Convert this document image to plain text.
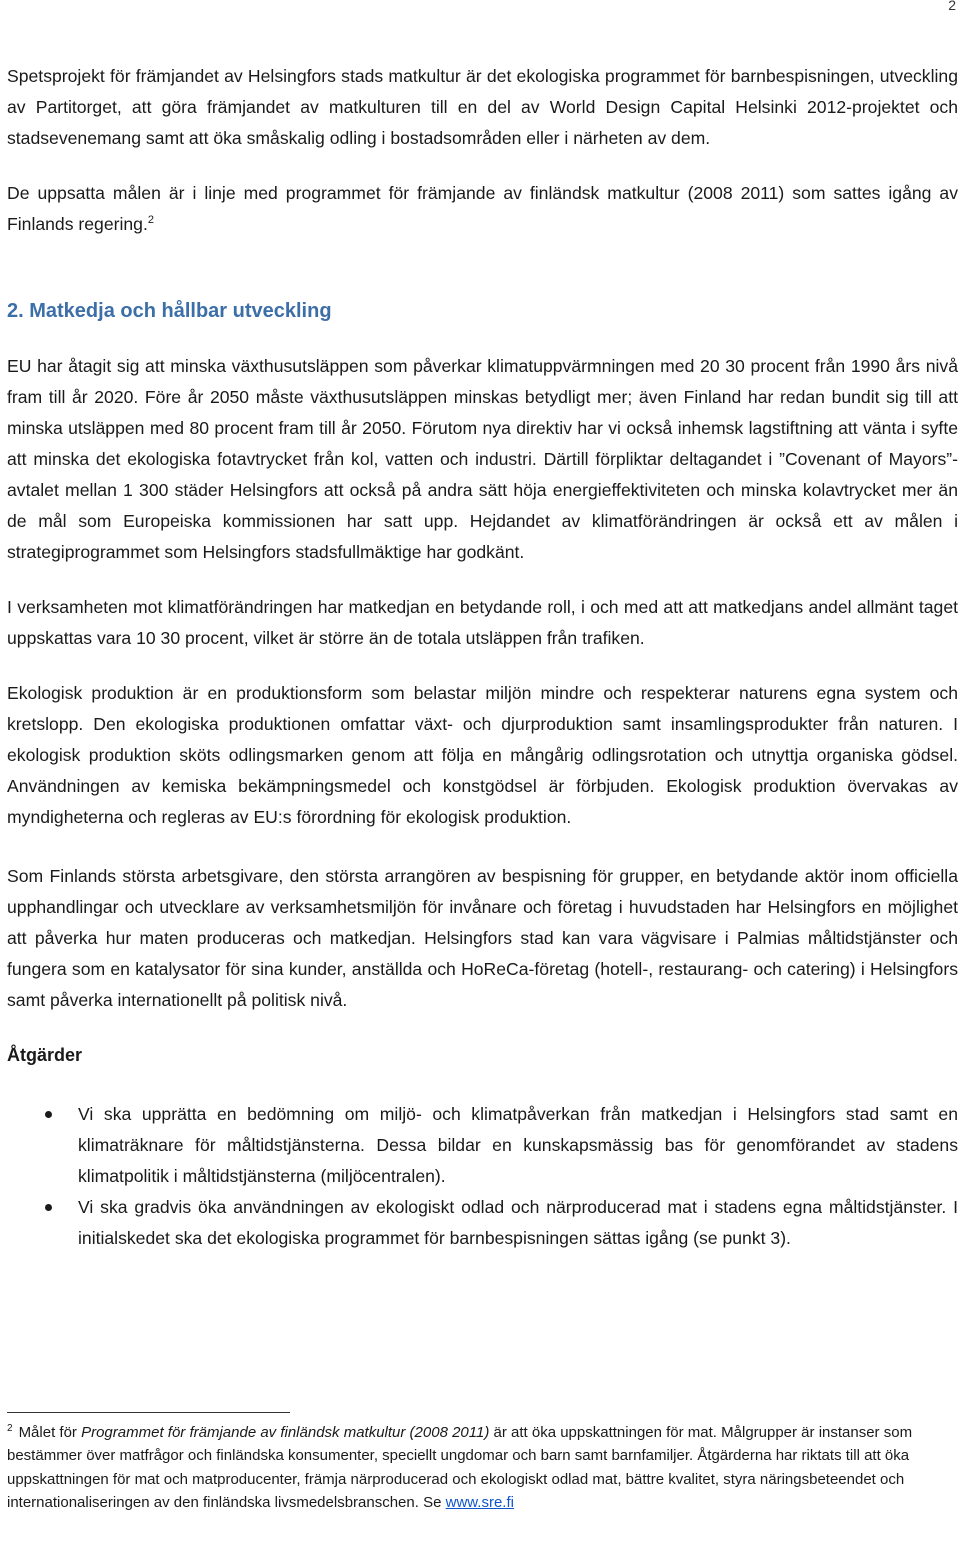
2

Spetsprojekt för främjandet av Helsingfors stads matkultur är det ekologiska programmet för barnbespisningen, utveckling av Partitorget, att göra främjandet av matkulturen till en del av World Design Capital Helsinki 2012-projektet och stadsevenemang samt att öka småskalig odling i bostadsområden eller i närheten av dem.

De uppsatta målen är i linje med programmet för främjande av finländsk matkultur (2008 2011) som sattes igång av Finlands regering.$^2$

2. Matkedja och hållbar utveckling

EU har åtagit sig att minska växthusutsläppen som påverkar klimatuppvärmningen med 20 30 procent från 1990 års nivå fram till år 2020. Före år 2050 måste växthusutsläppen minskas betydligt mer; även Finland har redan bundit sig till att minska utsläppen med 80 procent fram till år 2050. Förutom nya direktiv har vi också inhemsk lagstiftning att vänta i syfte att minska det ekologiska fotavtrycket från kol, vatten och industri. Därtill förpliktar deltagandet i ”Covenant of Mayors”-avtalet mellan 1 300 städer Helsingfors att också på andra sätt höja energieffektiviteten och minska kolavtrycket mer än de mål som Europeiska kommissionen har satt upp. Hejdandet av klimatförändringen är också ett av målen i strategiprogrammet som Helsingfors stadsfullmäktige har godkänt.

I verksamheten mot klimatförändringen har matkedjan en betydande roll, i och med att att matkedjans andel allmänt taget uppskattas vara 10 30 procent, vilket är större än de totala utsläppen från trafiken.

Ekologisk produktion är en produktionsform som belastar miljön mindre och respekterar naturens egna system och kretslopp. Den ekologiska produktionen omfattar växt- och djurproduktion samt insamlingsprodukter från naturen. I ekologisk produktion sköts odlingsmarken genom att följa en mångårig odlingsrotation och utnyttja organiska gödsel. Användningen av kemiska bekämpningsmedel och konstgödsel är förbjuden. Ekologisk produktion övervakas av myndigheterna och regleras av EU:s förordning för ekologisk produktion.

Som Finlands största arbetsgivare, den största arrangören av bespisning för grupper, en betydande aktör inom officiella upphandlingar och utvecklare av verksamhetsmiljön för invånare och företag i huvudstaden har Helsingfors en möjlighet att påverka hur maten produceras och matkedjan. Helsingfors stad kan vara vägvisare i Palmias måltidstjänster och fungera som en katalysator för sina kunder, anställda och HoReCa-företag (hotell-, restaurang- och catering) i Helsingfors samt påverka internationellt på politisk nivå.

Åtgärder
Vi ska upprätta en bedömning om miljö- och klimatpåverkan från matkedjan i Helsingfors stad samt en klimaträknare för måltidstjänsterna. Dessa bildar en kunskapsmässig bas för genomförandet av stadens klimatpolitik i måltidstjänsterna (miljöcentralen).
Vi ska gradvis öka användningen av ekologiskt odlad och närproducerad mat i stadens egna måltidstjänster. I initialskedet ska det ekologiska programmet för barnbespisningen sättas igång (se punkt 3).

$^2$ Målet för Programmet för främjande av finländsk matkultur (2008 2011) är att öka uppskattningen för mat. Målgrupper är instanser som bestämmer över matfrågor och finländska konsumenter, speciellt ungdomar och barn samt barnfamiljer. Åtgärderna har riktats till att öka uppskattningen för mat och matproducenter, främja närproducerad och ekologiskt odlad mat, bättre kvalitet, styra näringsbeteendet och internationaliseringen av den finländska livsmedelsbranschen. Se www.sre.fi
